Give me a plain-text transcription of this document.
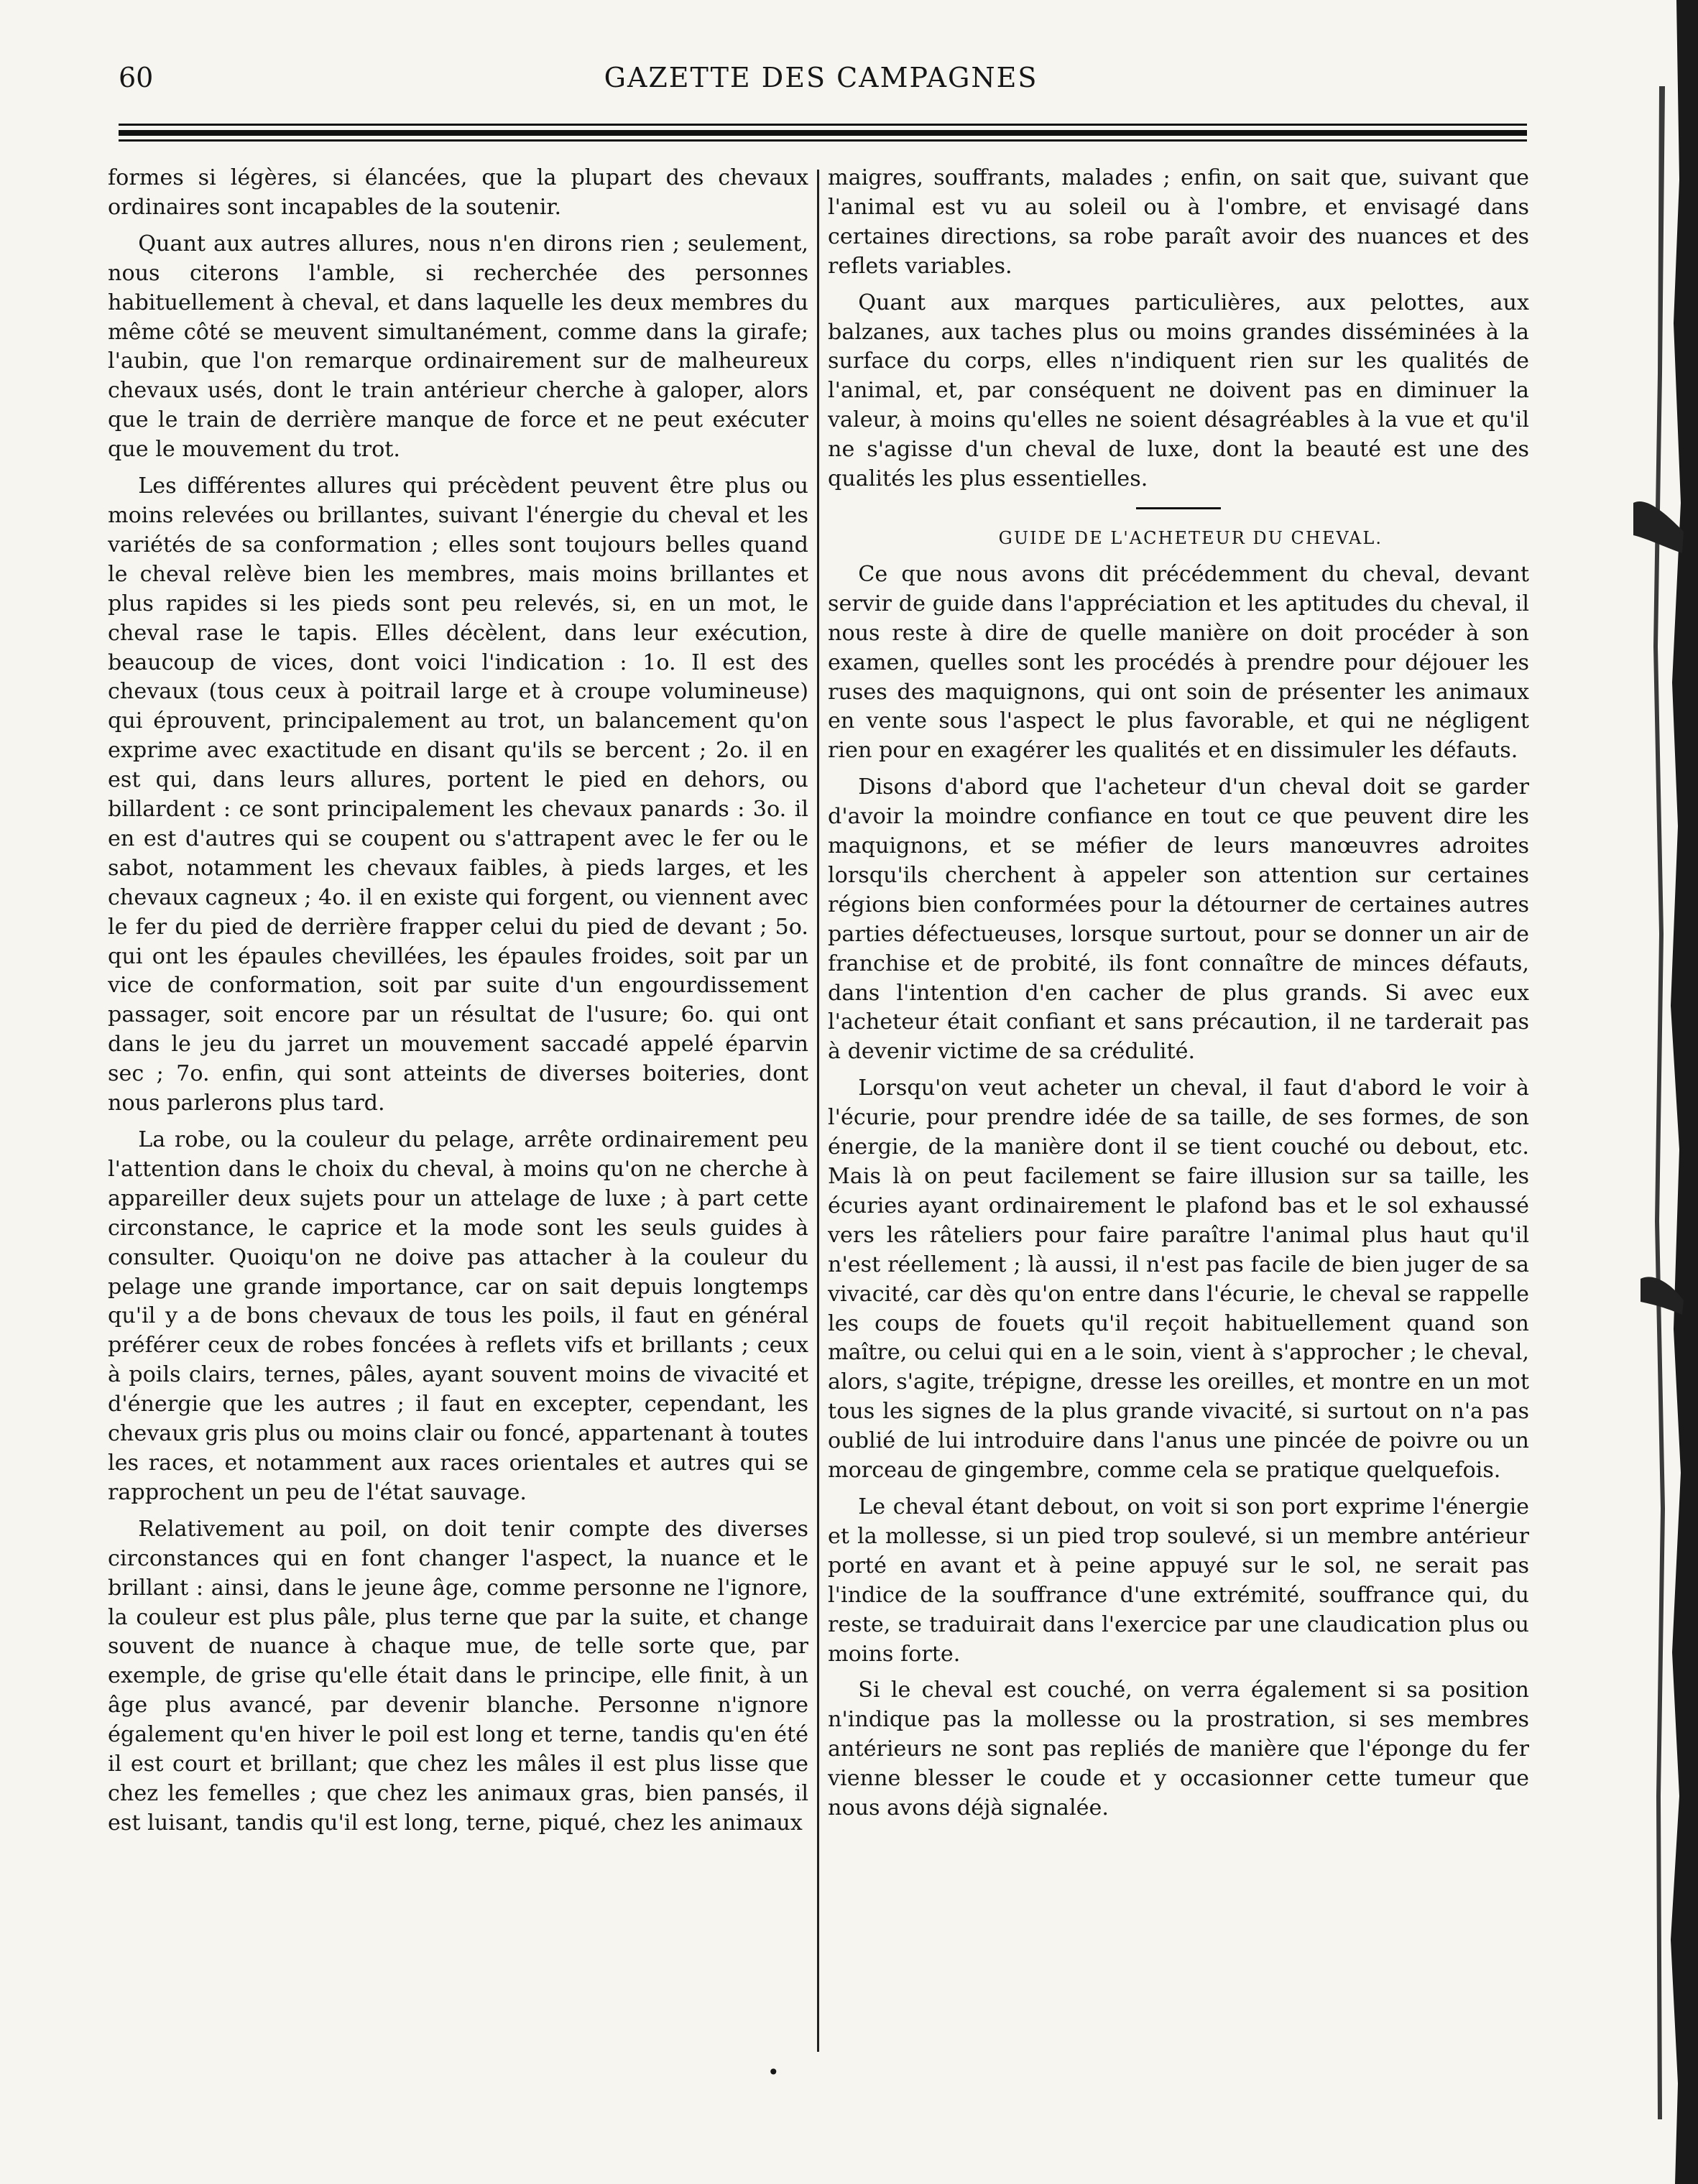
60	GAZETTE DES CAMPAGNES

formes si légères, si élancées, que la plupart des chevaux ordinaires sont incapables de la soutenir.

Quant aux autres allures, nous n'en dirons rien ; seulement, nous citerons l'amble, si recherchée des personnes habituellement à cheval, et dans laquelle les deux membres du même côté se meuvent simultanément, comme dans la girafe; l'aubin, que l'on remarque ordinairement sur de malheureux chevaux usés, dont le train antérieur cherche à galoper, alors que le train de derrière manque de force et ne peut exécuter que le mouvement du trot.

Les différentes allures qui précèdent peuvent être plus ou moins relevées ou brillantes, suivant l'énergie du cheval et les variétés de sa conformation ; elles sont toujours belles quand le cheval relève bien les membres, mais moins brillantes et plus rapides si les pieds sont peu relevés, si, en un mot, le cheval rase le tapis. Elles décèlent, dans leur exécution, beaucoup de vices, dont voici l'indication : 1o. Il est des chevaux (tous ceux à poitrail large et à croupe volumineuse) qui éprouvent, principalement au trot, un balancement qu'on exprime avec exactitude en disant qu'ils se bercent ; 2o. il en est qui, dans leurs allures, portent le pied en dehors, ou billardent : ce sont principalement les chevaux panards : 3o. il en est d'autres qui se coupent ou s'attrapent avec le fer ou le sabot, notamment les chevaux faibles, à pieds larges, et les chevaux cagneux ; 4o. il en existe qui forgent, ou viennent avec le fer du pied de derrière frapper celui du pied de devant ; 5o. qui ont les épaules chevillées, les épaules froides, soit par un vice de conformation, soit par suite d'un engourdissement passager, soit encore par un résultat de l'usure; 6o. qui ont dans le jeu du jarret un mouvement saccadé appelé éparvin sec ; 7o. enfin, qui sont atteints de diverses boiteries, dont nous parlerons plus tard.

La robe, ou la couleur du pelage, arrête ordinairement peu l'attention dans le choix du cheval, à moins qu'on ne cherche à appareiller deux sujets pour un attelage de luxe ; à part cette circonstance, le caprice et la mode sont les seuls guides à consulter. Quoiqu'on ne doive pas attacher à la couleur du pelage une grande importance, car on sait depuis longtemps qu'il y a de bons chevaux de tous les poils, il faut en général préférer ceux de robes foncées à reflets vifs et brillants ; ceux à poils clairs, ternes, pâles, ayant souvent moins de vivacité et d'énergie que les autres ; il faut en excepter, cependant, les chevaux gris plus ou moins clair ou foncé, appartenant à toutes les races, et notamment aux races orientales et autres qui se rapprochent un peu de l'état sauvage.

Relativement au poil, on doit tenir compte des diverses circonstances qui en font changer l'aspect, la nuance et le brillant : ainsi, dans le jeune âge, comme personne ne l'ignore, la couleur est plus pâle, plus terne que par la suite, et change souvent de nuance à chaque mue, de telle sorte que, par exemple, de grise qu'elle était dans le principe, elle finit, à un âge plus avancé, par devenir blanche. Personne n'ignore également qu'en hiver le poil est long et terne, tandis qu'en été il est court et brillant; que chez les mâles il est plus lisse que chez les femelles ; que chez les animaux gras, bien pansés, il est luisant, tandis qu'il est long, terne, piqué, chez les animaux

maigres, souffrants, malades ; enfin, on sait que, suivant que l'animal est vu au soleil ou à l'ombre, et envisagé dans certaines directions, sa robe paraît avoir des nuances et des reflets variables.

Quant aux marques particulières, aux pelottes, aux balzanes, aux taches plus ou moins grandes disséminées à la surface du corps, elles n'indiquent rien sur les qualités de l'animal, et, par conséquent ne doivent pas en diminuer la valeur, à moins qu'elles ne soient désagréables à la vue et qu'il ne s'agisse d'un cheval de luxe, dont la beauté est une des qualités les plus essentielles.

GUIDE DE L'ACHETEUR DU CHEVAL.

Ce que nous avons dit précédemment du cheval, devant servir de guide dans l'appréciation et les aptitudes du cheval, il nous reste à dire de quelle manière on doit procéder à son examen, quelles sont les procédés à prendre pour déjouer les ruses des maquignons, qui ont soin de présenter les animaux en vente sous l'aspect le plus favorable, et qui ne négligent rien pour en exagérer les qualités et en dissimuler les défauts.

Disons d'abord que l'acheteur d'un cheval doit se garder d'avoir la moindre confiance en tout ce que peuvent dire les maquignons, et se méfier de leurs manœuvres adroites lorsqu'ils cherchent à appeler son attention sur certaines régions bien conformées pour la détourner de certaines autres parties défectueuses, lorsque surtout, pour se donner un air de franchise et de probité, ils font connaître de minces défauts, dans l'intention d'en cacher de plus grands. Si avec eux l'acheteur était confiant et sans précaution, il ne tarderait pas à devenir victime de sa crédulité.

Lorsqu'on veut acheter un cheval, il faut d'abord le voir à l'écurie, pour prendre idée de sa taille, de ses formes, de son énergie, de la manière dont il se tient couché ou debout, etc. Mais là on peut facilement se faire illusion sur sa taille, les écuries ayant ordinairement le plafond bas et le sol exhaussé vers les râteliers pour faire paraître l'animal plus haut qu'il n'est réellement ; là aussi, il n'est pas facile de bien juger de sa vivacité, car dès qu'on entre dans l'écurie, le cheval se rappelle les coups de fouets qu'il reçoit habituellement quand son maître, ou celui qui en a le soin, vient à s'approcher ; le cheval, alors, s'agite, trépigne, dresse les oreilles, et montre en un mot tous les signes de la plus grande vivacité, si surtout on n'a pas oublié de lui introduire dans l'anus une pincée de poivre ou un morceau de gingembre, comme cela se pratique quelquefois.

Le cheval étant debout, on voit si son port exprime l'énergie et la mollesse, si un pied trop soulevé, si un membre antérieur porté en avant et à peine appuyé sur le sol, ne serait pas l'indice de la souffrance d'une extrémité, souffrance qui, du reste, se traduirait dans l'exercice par une claudication plus ou moins forte.

Si le cheval est couché, on verra également si sa position n'indique pas la mollesse ou la prostration, si ses membres antérieurs ne sont pas repliés de manière que l'éponge du fer vienne blesser le coude et y occasionner cette tumeur que nous avons déjà signalée.

•
